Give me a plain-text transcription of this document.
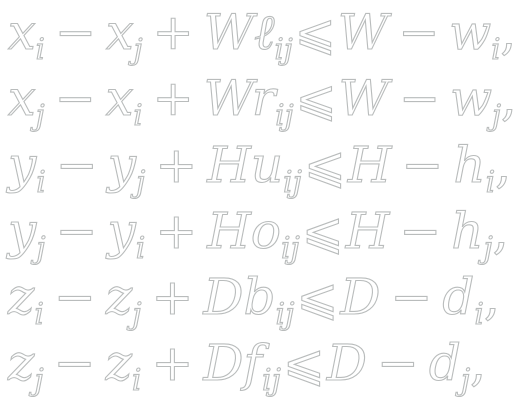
$x_i - x_j$ + Wℓ$_{ij}$⩽W − $w_i$,
$x_j - x_i$ + $Wr_{ij}⩽W - w_j$,
$y_i - y_j$ + $Hu_{ij}⩽H - h_i$,
$y_j - y_i$ + $Ho_{ij}⩽H - h_j$,
$z_i - z_j$ + $Db_{ij}⩽D - d_i$,
$z_j - z_i$ + $Df_{ij}⩽D - d_j$,
